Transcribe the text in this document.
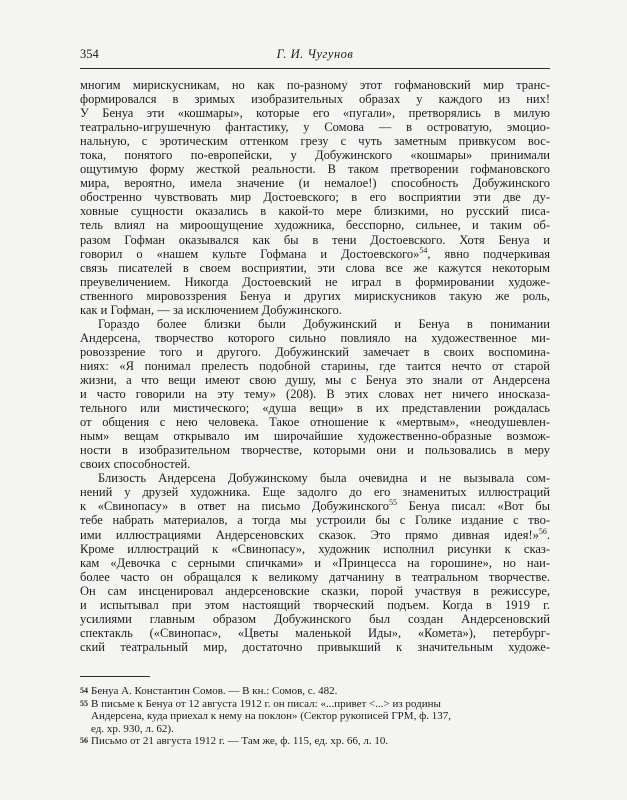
354	Г. И. Чугунов
многим мирискусникам, но как по-разному этот гофмановский мир транс-
формировался в зримых изобразительных образах у каждого из них!
У Бенуа эти «кошмары», которые его «пугали», претворялись в милую
театрально-игрушечную фантастику, у Сомова — в островатую, эмоцио-
нальную, с эротическим оттенком грезу с чуть заметным привкусом вос-
тока, понятого по-европейски, у Добужинского «кошмары» принимали
ощутимую форму жесткой реальности. В таком претворении гофмановского
мира, вероятно, имела значение (и немалое!) способность Добужинского
обостренно чувствовать мир Достоевского; в его восприятии эти две ду-
ховные сущности оказались в какой-то мере близкими, но русский писа-
тель влиял на мироощущение художника, бесспорно, сильнее, и таким об-
разом Гофман оказывался как бы в тени Достоевского. Хотя Бенуа и
говорил о «нашем культе Гофмана и Достоевского»$^{54}$, явно подчеркивая
связь писателей в своем восприятии, эти слова все же кажутся некоторым
преувеличением. Никогда Достоевский не играл в формировании художе-
ственного мировоззрения Бенуа и других мирискусников такую же роль,
как и Гофман, — за исключением Добужинского.
Гораздо более близки были Добужинский и Бенуа в понимании
Андерсена, творчество которого сильно повлияло на художественное ми-
ровоззрение того и другого. Добужинский замечает в своих воспомина-
ниях: «Я понимал прелесть подобной старины, где таится нечто от старой
жизни, а что вещи имеют свою душу, мы с Бенуа это знали от Андерсена
и часто говорили на эту тему» (208). В этих словах нет ничего иносказа-
тельного или мистического; «душа вещи» в их представлении рождалась
от общения с нею человека. Такое отношение к «мертвым», «неодушевлен-
ным» вещам открывало им широчайшие художественно-образные возмож-
ности в изобразительном творчестве, которыми они и пользовались в меру
своих способностей.
Близость Андерсена Добужинскому была очевидна и не вызывала сом-
нений у друзей художника. Еще задолго до его знаменитых иллюстраций
к «Свинопасу» в ответ на письмо Добужинского$^{55}$ Бенуа писал: «Вот бы
тебе набрать материалов, а тогда мы устроили бы с Голике издание с тво-
ими иллюстрациями Андерсеновских сказок. Это прямо дивная идея!»$^{56}$.
Кроме иллюстраций к «Свинопасу», художник исполнил рисунки к сказ-
кам «Девочка с серными спичками» и «Принцесса на горошине», но наи-
более часто он обращался к великому датчанину в театральном творчестве.
Он сам инсценировал андерсеновские сказки, порой участвуя в режиссуре,
и испытывал при этом настоящий творческий подъем. Когда в 1919 г.
усилиями главным образом Добужинского был создан Андерсеновский
спектакль («Свинопас», «Цветы маленькой Иды», «Комета»), петербург-
ский театральный мир, достаточно привыкший к значительным художе-
$^{54}$ Бенуа А. Константин Сомов. — В кн.: Сомов, с. 482.
$^{55}$ В письме к Бенуа от 12 августа 1912 г. он писал: «...привет <...> из родины
Андерсена, куда приехал к нему на поклон» (Сектор рукописей ГРМ, ф. 137,
ед. хр. 930, л. 62).
$^{56}$ Письмо от 21 августа 1912 г. — Там же, ф. 115, ед. хр. 66, л. 10.
